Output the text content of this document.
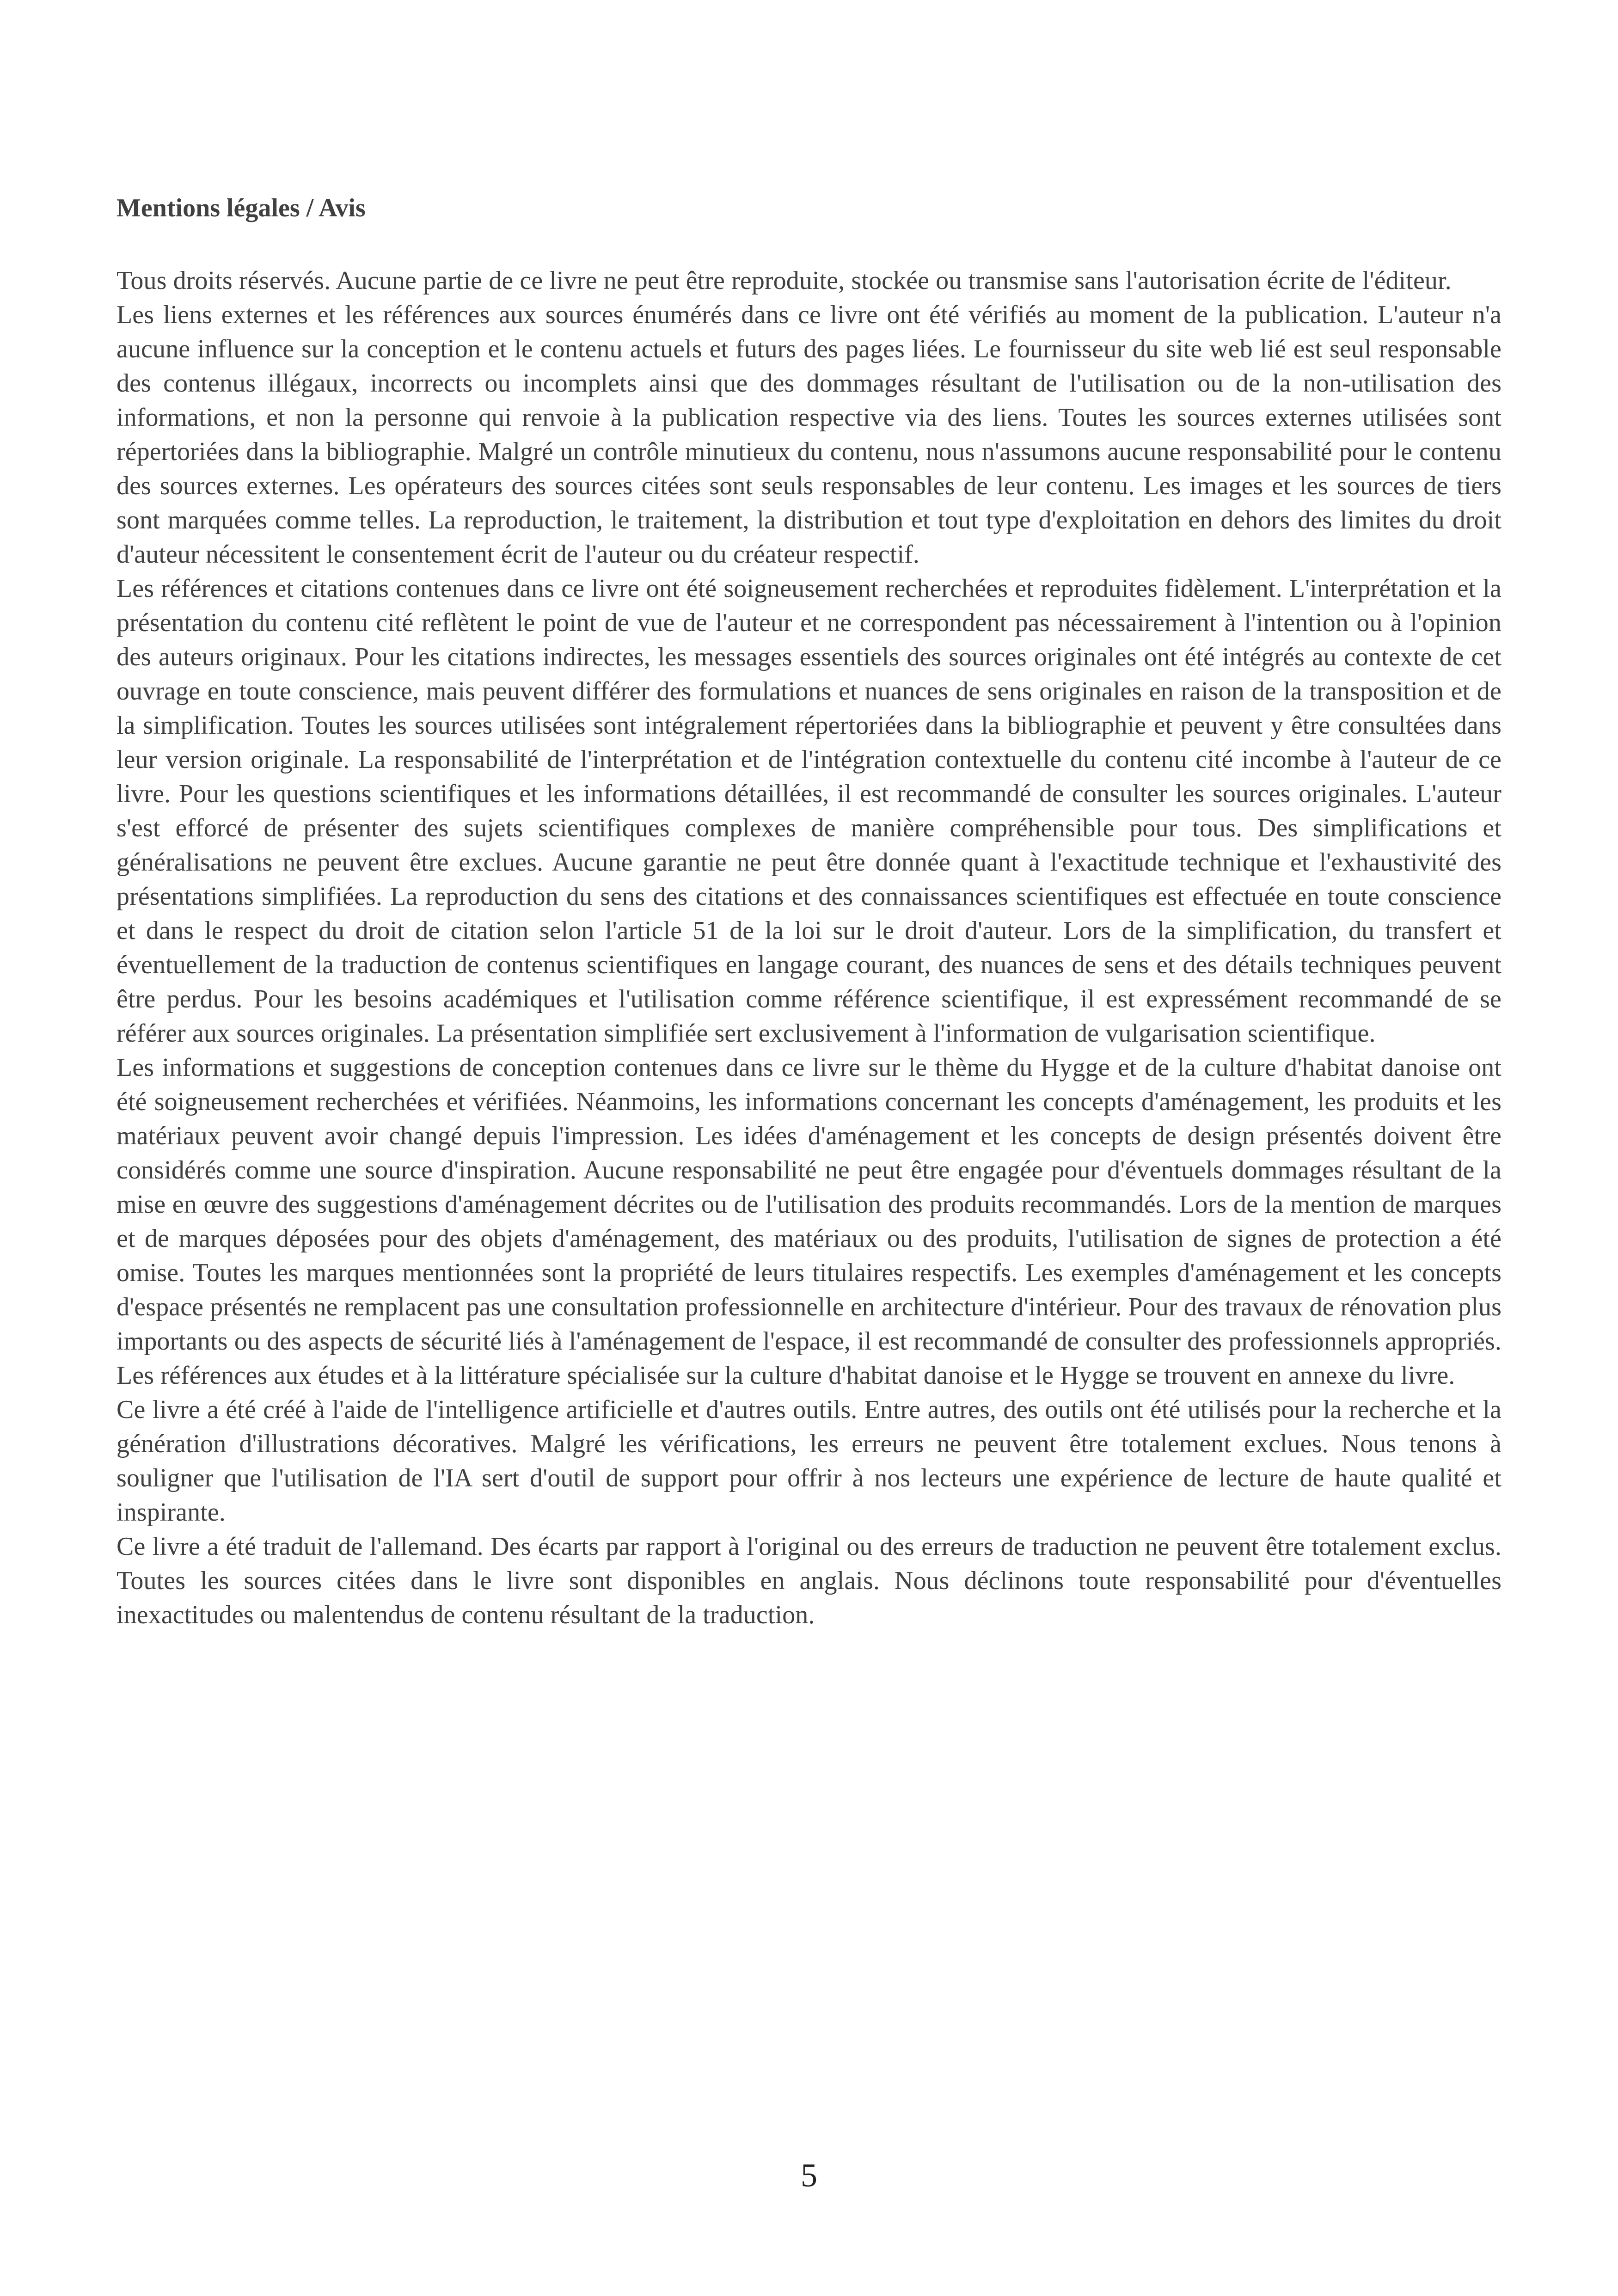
Mentions légales / Avis

Tous droits réservés. Aucune partie de ce livre ne peut être reproduite, stockée ou transmise sans l'autorisation écrite de l'éditeur.

Les liens externes et les références aux sources énumérés dans ce livre ont été vérifiés au moment de la publication. L'auteur n'a aucune influence sur la conception et le contenu actuels et futurs des pages liées. Le fournisseur du site web lié est seul responsable des contenus illégaux, incorrects ou incomplets ainsi que des dommages résultant de l'utilisation ou de la non-utilisation des informations, et non la personne qui renvoie à la publication respective via des liens. Toutes les sources externes utilisées sont répertoriées dans la bibliographie. Malgré un contrôle minutieux du contenu, nous n'assumons aucune responsabilité pour le contenu des sources externes. Les opérateurs des sources citées sont seuls responsables de leur contenu. Les images et les sources de tiers sont marquées comme telles. La reproduction, le traitement, la distribution et tout type d'exploitation en dehors des limites du droit d'auteur nécessitent le consentement écrit de l'auteur ou du créateur respectif.

Les références et citations contenues dans ce livre ont été soigneusement recherchées et reproduites fidèlement. L'interprétation et la présentation du contenu cité reflètent le point de vue de l'auteur et ne correspondent pas nécessairement à l'intention ou à l'opinion des auteurs originaux. Pour les citations indirectes, les messages essentiels des sources originales ont été intégrés au contexte de cet ouvrage en toute conscience, mais peuvent différer des formulations et nuances de sens originales en raison de la transposition et de la simplification. Toutes les sources utilisées sont intégralement répertoriées dans la bibliographie et peuvent y être consultées dans leur version originale. La responsabilité de l'interprétation et de l'intégration contextuelle du contenu cité incombe à l'auteur de ce livre. Pour les questions scientifiques et les informations détaillées, il est recommandé de consulter les sources originales. L'auteur s'est efforcé de présenter des sujets scientifiques complexes de manière compréhensible pour tous. Des simplifications et généralisations ne peuvent être exclues. Aucune garantie ne peut être donnée quant à l'exactitude technique et l'exhaustivité des présentations simplifiées. La reproduction du sens des citations et des connaissances scientifiques est effectuée en toute conscience et dans le respect du droit de citation selon l'article 51 de la loi sur le droit d'auteur. Lors de la simplification, du transfert et éventuellement de la traduction de contenus scientifiques en langage courant, des nuances de sens et des détails techniques peuvent être perdus. Pour les besoins académiques et l'utilisation comme référence scientifique, il est expressément recommandé de se référer aux sources originales. La présentation simplifiée sert exclusivement à l'information de vulgarisation scientifique.

Les informations et suggestions de conception contenues dans ce livre sur le thème du Hygge et de la culture d'habitat danoise ont été soigneusement recherchées et vérifiées. Néanmoins, les informations concernant les concepts d'aménagement, les produits et les matériaux peuvent avoir changé depuis l'impression. Les idées d'aménagement et les concepts de design présentés doivent être considérés comme une source d'inspiration. Aucune responsabilité ne peut être engagée pour d'éventuels dommages résultant de la mise en œuvre des suggestions d'aménagement décrites ou de l'utilisation des produits recommandés. Lors de la mention de marques et de marques déposées pour des objets d'aménagement, des matériaux ou des produits, l'utilisation de signes de protection a été omise. Toutes les marques mentionnées sont la propriété de leurs titulaires respectifs. Les exemples d'aménagement et les concepts d'espace présentés ne remplacent pas une consultation professionnelle en architecture d'intérieur. Pour des travaux de rénovation plus importants ou des aspects de sécurité liés à l'aménagement de l'espace, il est recommandé de consulter des professionnels appropriés. Les références aux études et à la littérature spécialisée sur la culture d'habitat danoise et le Hygge se trouvent en annexe du livre.

Ce livre a été créé à l'aide de l'intelligence artificielle et d'autres outils. Entre autres, des outils ont été utilisés pour la recherche et la génération d'illustrations décoratives. Malgré les vérifications, les erreurs ne peuvent être totalement exclues. Nous tenons à souligner que l'utilisation de l'IA sert d'outil de support pour offrir à nos lecteurs une expérience de lecture de haute qualité et inspirante.

Ce livre a été traduit de l'allemand. Des écarts par rapport à l'original ou des erreurs de traduction ne peuvent être totalement exclus. Toutes les sources citées dans le livre sont disponibles en anglais. Nous déclinons toute responsabilité pour d'éventuelles inexactitudes ou malentendus de contenu résultant de la traduction.

5
